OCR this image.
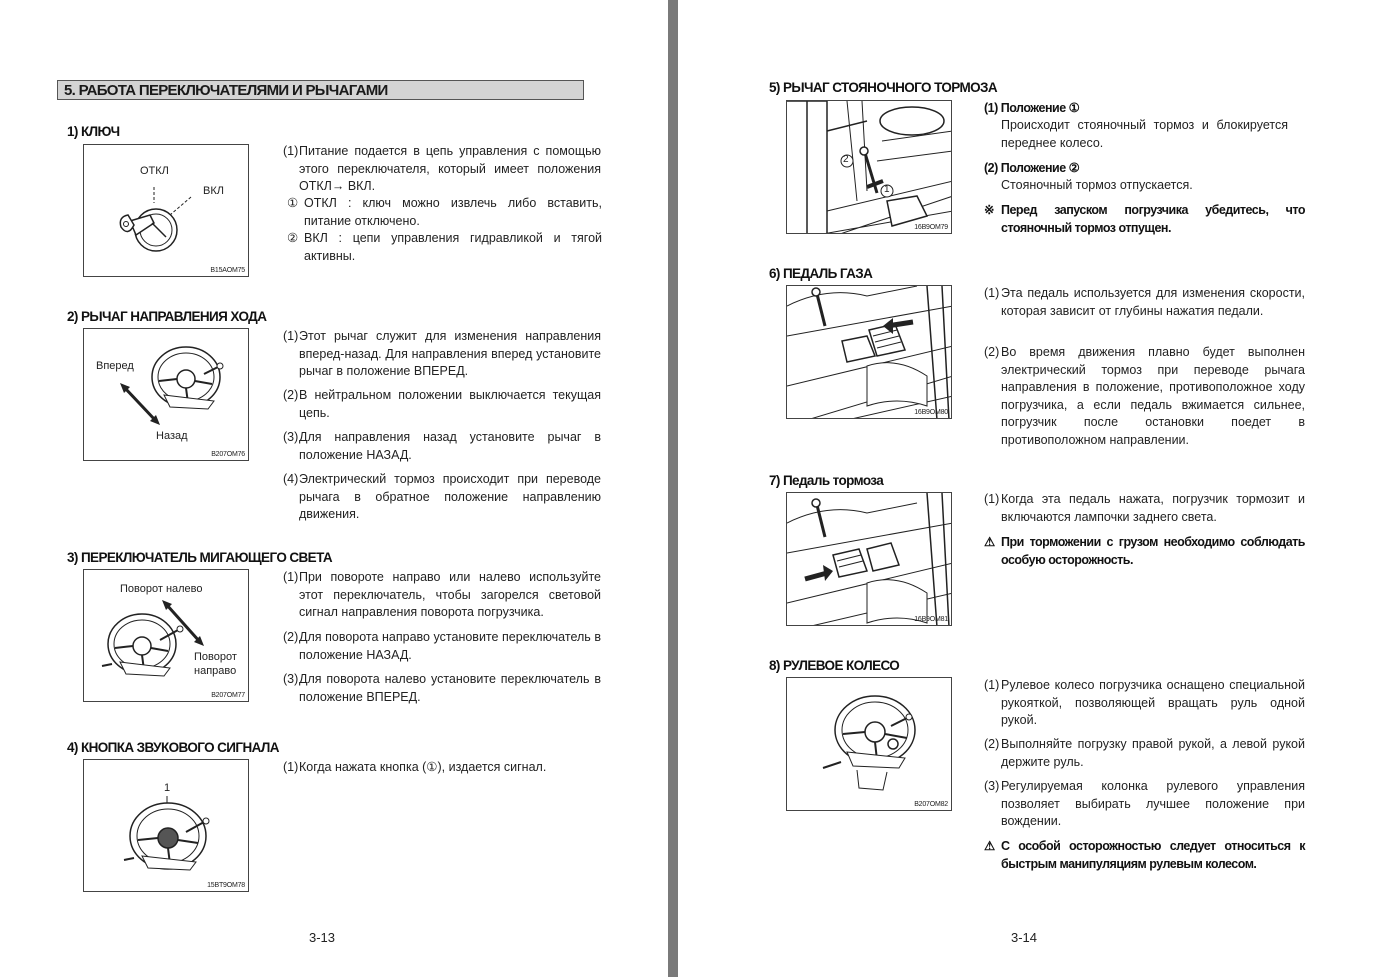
5. РАБОТА ПЕРЕКЛЮЧАТЕЛЯМИ И РЫЧАГАМИ
1) КЛЮЧ
ОТКЛ
ВКЛ
B15AOM75
(1) Питание подается в цепь управления с помощью этого переключателя, который имеет положения ОТКЛ→ ВКЛ.
① ОТКЛ : ключ можно извлечь либо вставить, питание отключено.
② ВКЛ : цепи управления гидравликой и тягой активны.
2) РЫЧАГ НАПРАВЛЕНИЯ ХОДА
Вперед
Назад
B207OM76
(1) Этот рычаг служит для изменения направления вперед-назад. Для направления вперед установите рычаг в положение ВПЕРЕД.
(2) В нейтральном положении выключается текущая цепь.
(3) Для направления назад установите рычаг в положение НАЗАД.
(4) Электрический тормоз происходит при переводе рычага в обратное положение направлению движения.
3) ПЕРЕКЛЮЧАТЕЛЬ МИГАЮЩЕГО СВЕТА
Поворот налево
Поворот
направо
B207OM77
(1) При повороте направо или налево используйте этот переключатель, чтобы загорелся световой сигнал направления поворота погрузчика.
(2) Для поворота направо установите переключатель в положение НАЗАД.
(3) Для поворота налево установите переключатель в положение ВПЕРЕД.
4) КНОПКА ЗВУКОВОГО СИГНАЛА
1
15BT9OM78
(1) Когда нажата кнопка (①), издается сигнал.
3-13
5) РЫЧАГ СТОЯНОЧНОГО ТОРМОЗА
2
1
16B9OM79
(1) Положение ①
Происходит стояночный тормоз и блокируется переднее колесо.
(2) Положение ②
Стояночный тормоз отпускается.
※ Перед запуском погрузчика убедитесь, что стояночный тормоз отпущен.
6) ПЕДАЛЬ ГАЗА
16B9OM80
(1) Эта педаль используется для изменения скорости, которая зависит от глубины нажатия педали.
(2) Во время движения плавно будет выполнен электрический тормоз при переводе рычага направления в положение, противоположное ходу погрузчика, а если педаль вжимается сильнее, погрузчик после остановки поедет в противоположном направлении.
7) Педаль тормоза
16B9OM81
(1) Когда эта педаль нажата, погрузчик тормозит и включаются лампочки заднего света.
⚠ При торможении с грузом необходимо соблюдать особую осторожность.
8) РУЛЕВОЕ КОЛЕСО
B207OM82
(1) Рулевое колесо погрузчика оснащено специальной рукояткой, позволяющей вращать руль одной рукой.
(2) Выполняйте погрузку правой рукой, а левой рукой держите руль.
(3) Регулируемая колонка рулевого управления позволяет выбирать лучшее положение при вождении.
⚠ С особой осторожностью следует относиться к быстрым манипуляциям рулевым колесом.
3-14
